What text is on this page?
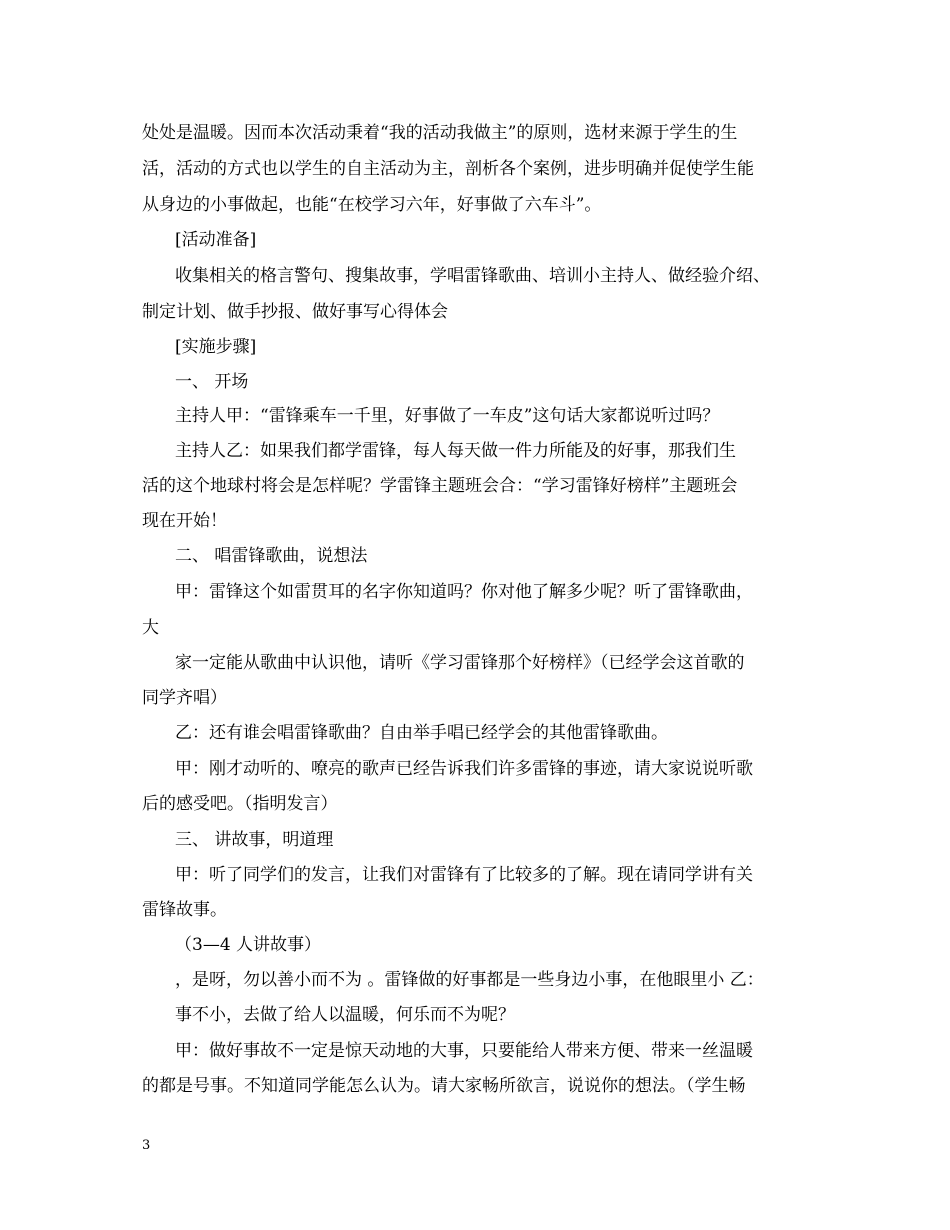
处处是温暖。因而本次活动秉着“我的活动我做主”的原则，选材来源于学生的生
活，活动的方式也以学生的自主活动为主，剖析各个案例，进步明确并促使学生能
从身边的小事做起，也能“在校学习六年，好事做了六车斗”。
[活动准备]
收集相关的格言警句、搜集故事，学唱雷锋歌曲、培训小主持人、做经验介绍、
制定计划、做手抄报、做好事写心得体会
[实施步骤]
一、 开场
主持人甲：“雷锋乘车一千里，好事做了一车皮”这句话大家都说听过吗？
主持人乙：如果我们都学雷锋，每人每天做一件力所能及的好事，那我们生
活的这个地球村将会是怎样呢？学雷锋主题班会合：“学习雷锋好榜样”主题班会
现在开始！
二、 唱雷锋歌曲，说想法
甲：雷锋这个如雷贯耳的名字你知道吗？你对他了解多少呢？听了雷锋歌曲，
大
家一定能从歌曲中认识他，请听《学习雷锋那个好榜样》（已经学会这首歌的
同学齐唱）
乙：还有谁会唱雷锋歌曲？自由举手唱已经学会的其他雷锋歌曲。
甲：刚才动听的、嘹亮的歌声已经告诉我们许多雷锋的事迹，请大家说说听歌
后的感受吧。（指明发言）
三、 讲故事，明道理
甲：听了同学们的发言，让我们对雷锋有了比较多的了解。现在请同学讲有关
雷锋故事。
（3—4 人讲故事）
，是呀，勿以善小而不为 。雷锋做的好事都是一些身边小事，在他眼里小 乙：
事不小，去做了给人以温暖，何乐而不为呢？
甲：做好事故不一定是惊天动地的大事，只要能给人带来方便、带来一丝温暖
的都是号事。不知道同学能怎么认为。请大家畅所欲言，说说你的想法。（学生畅
3
